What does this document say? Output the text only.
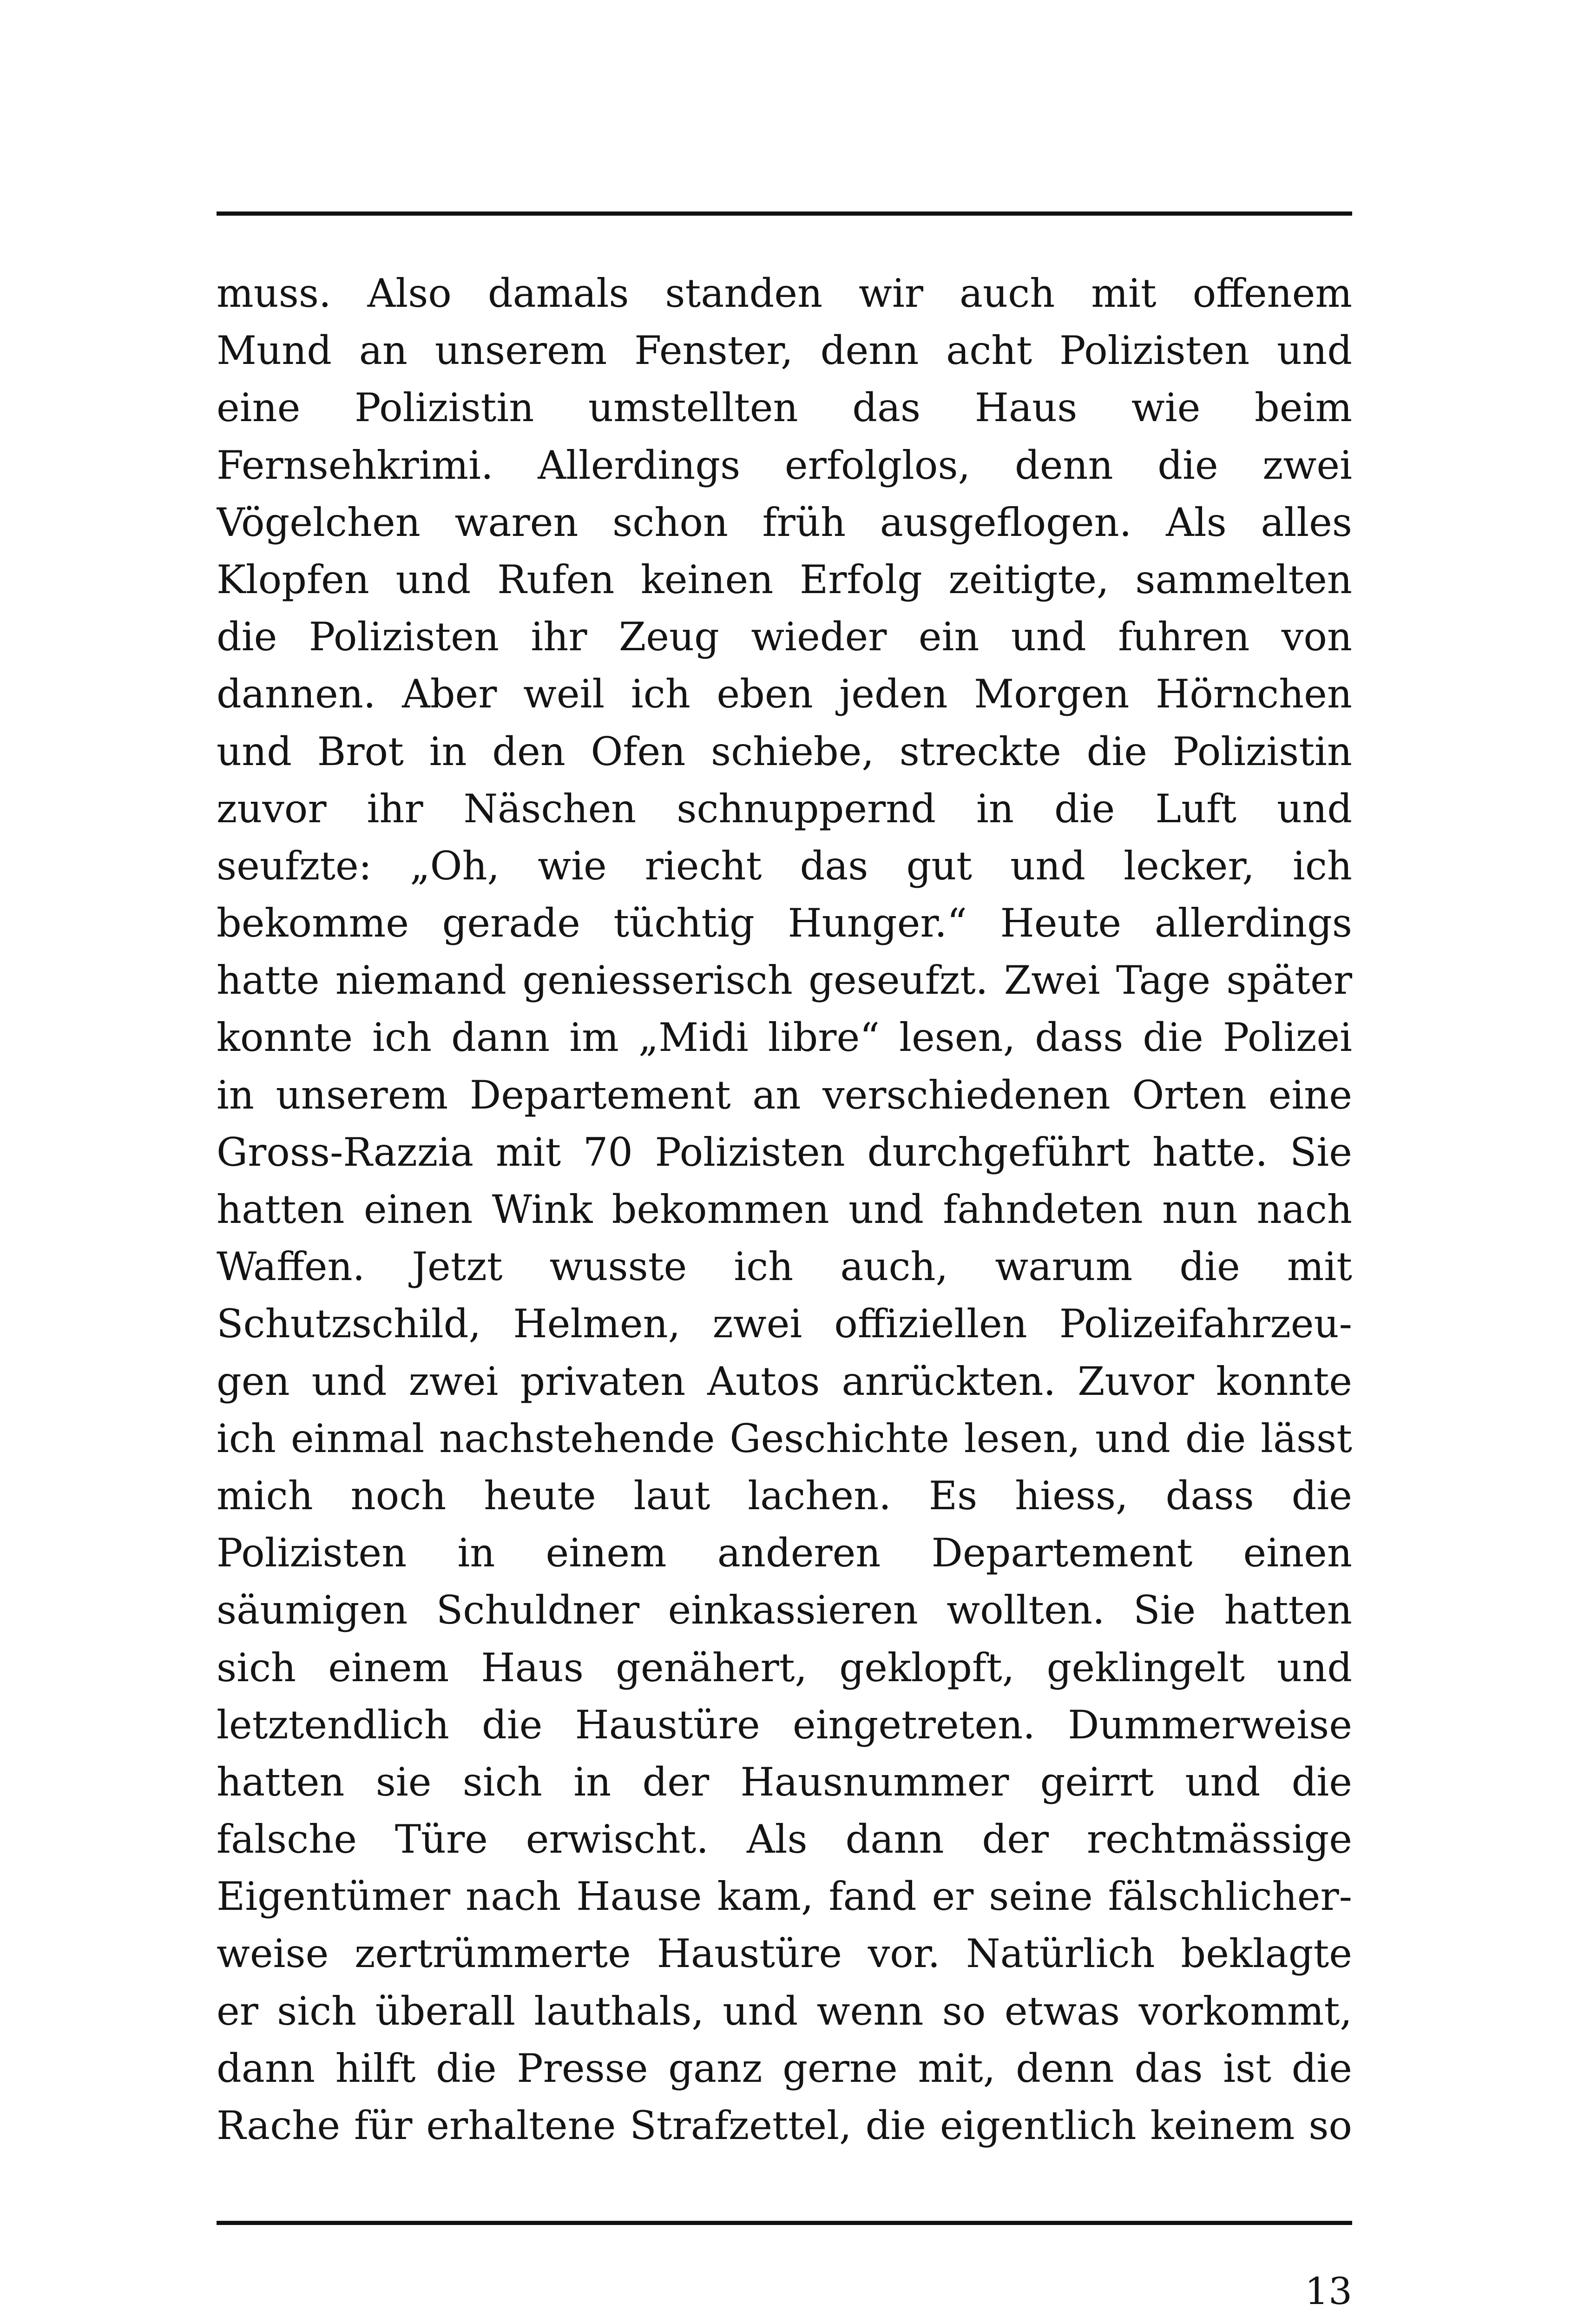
muss. Also damals standen wir auch mit offenem
Mund an unserem Fenster, denn acht Polizisten und
eine Polizistin umstellten das Haus wie beim
Fernsehkrimi. Allerdings erfolglos, denn die zwei
Vögelchen waren schon früh ausgeflogen. Als alles
Klopfen und Rufen keinen Erfolg zeitigte, sammelten
die Polizisten ihr Zeug wieder ein und fuhren von
dannen. Aber weil ich eben jeden Morgen Hörnchen
und Brot in den Ofen schiebe, streckte die Polizistin
zuvor ihr Näschen schnuppernd in die Luft und
seufzte: „Oh, wie riecht das gut und lecker, ich
bekomme gerade tüchtig Hunger.“ Heute allerdings
hatte niemand geniesserisch geseufzt. Zwei Tage später
konnte ich dann im „Midi libre“ lesen, dass die Polizei
in unserem Departement an verschiedenen Orten eine
Gross-Razzia mit 70 Polizisten durchgeführt hatte. Sie
hatten einen Wink bekommen und fahndeten nun nach
Waffen. Jetzt wusste ich auch, warum die mit
Schutzschild, Helmen, zwei offiziellen Polizeifahrzeu-
gen und zwei privaten Autos anrückten. Zuvor konnte
ich einmal nachstehende Geschichte lesen, und die lässt
mich noch heute laut lachen. Es hiess, dass die
Polizisten in einem anderen Departement einen
säumigen Schuldner einkassieren wollten. Sie hatten
sich einem Haus genähert, geklopft, geklingelt und
letztendlich die Haustüre eingetreten. Dummerweise
hatten sie sich in der Hausnummer geirrt und die
falsche Türe erwischt. Als dann der rechtmässige
Eigentümer nach Hause kam, fand er seine fälschlicher-
weise zertrümmerte Haustüre vor. Natürlich beklagte
er sich überall lauthals, und wenn so etwas vorkommt,
dann hilft die Presse ganz gerne mit, denn das ist die
Rache für erhaltene Strafzettel, die eigentlich keinem so
13
